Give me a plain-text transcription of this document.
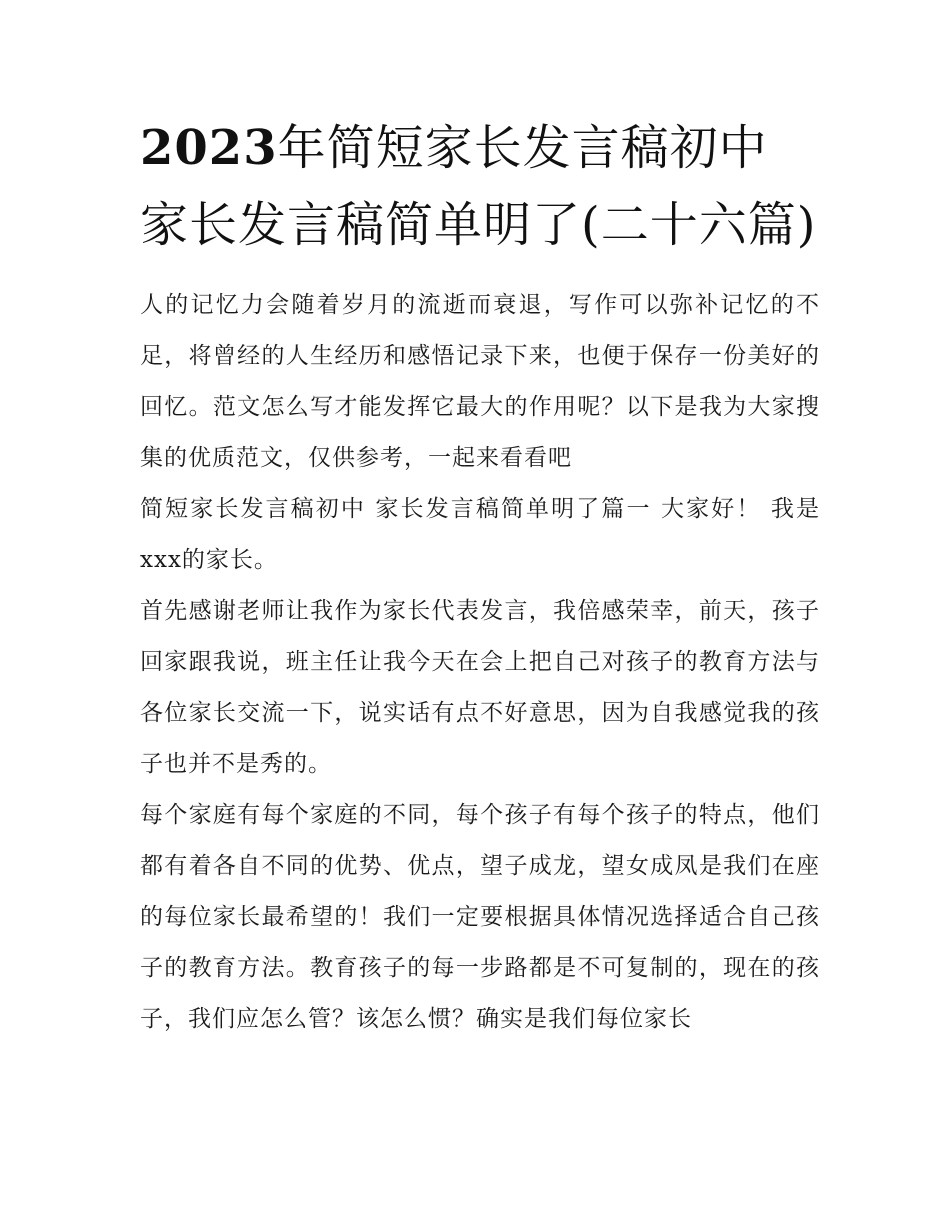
2023年简短家长发言稿初中 家长发言稿简单明了(二十六篇)

人的记忆力会随着岁月的流逝而衰退，写作可以弥补记忆的不足，将曾经的人生经历和感悟记录下来，也便于保存一份美好的回忆。范文怎么写才能发挥它最大的作用呢？以下是我为大家搜集的优质范文，仅供参考，一起来看看吧

简短家长发言稿初中 家长发言稿简单明了篇一 大家好！ 我是xxx的家长。

首先感谢老师让我作为家长代表发言，我倍感荣幸，前天，孩子回家跟我说，班主任让我今天在会上把自己对孩子的教育方法与各位家长交流一下，说实话有点不好意思，因为自我感觉我的孩子也并不是秀的。

每个家庭有每个家庭的不同，每个孩子有每个孩子的特点，他们都有着各自不同的优势、优点，望子成龙，望女成凤是我们在座的每位家长最希望的！我们一定要根据具体情况选择适合自己孩子的教育方法。教育孩子的每一步路都是不可复制的，现在的孩子，我们应怎么管？该怎么惯？确实是我们每位家长
